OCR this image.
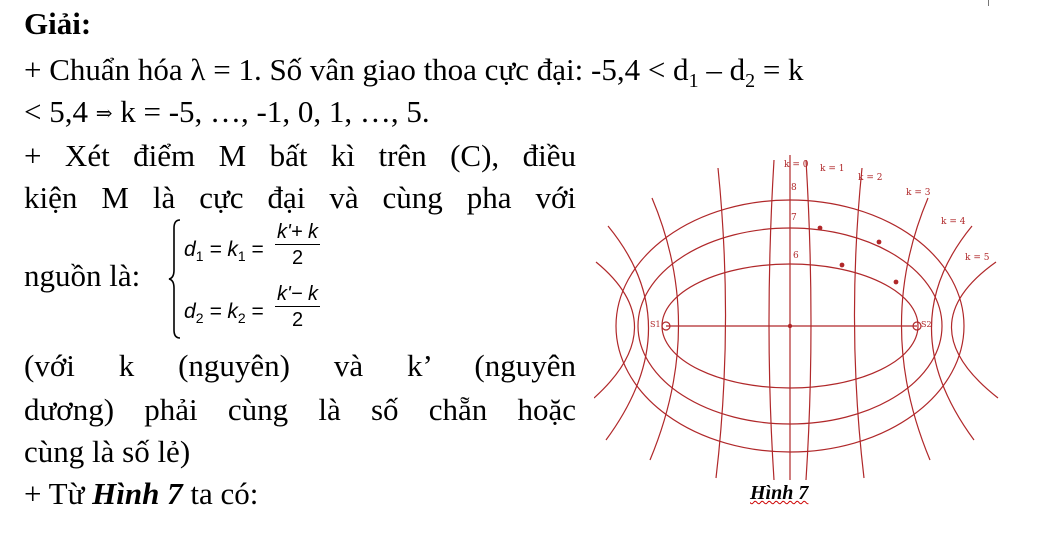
Giải:
+ Chuẩn hóa λ = 1. Số vân giao thoa cực đại: $-5,4 < d_1 - d_2 = k$
< 5,4 ⇒ k = -5, …, -1, 0, 1, …, 5.
+ Xét điểm M bất kì trên (C), điều
kiện M là cực đại và cùng pha với
nguồn là:
$d_1 = k_1 = \frac{k'+ k}{2}$
$d_2 = k_2 = \frac{k'- k}{2}$
(với k (nguyên) và k’ (nguyên
dương) phải cùng là số chẵn hoặc
cùng là số lẻ)
+ Từ Hình 7 ta có:
k = 0 k = 1
k = 2
k = 3
k = 4
k = 5
8
7
6
S1	S2
Hình 7
